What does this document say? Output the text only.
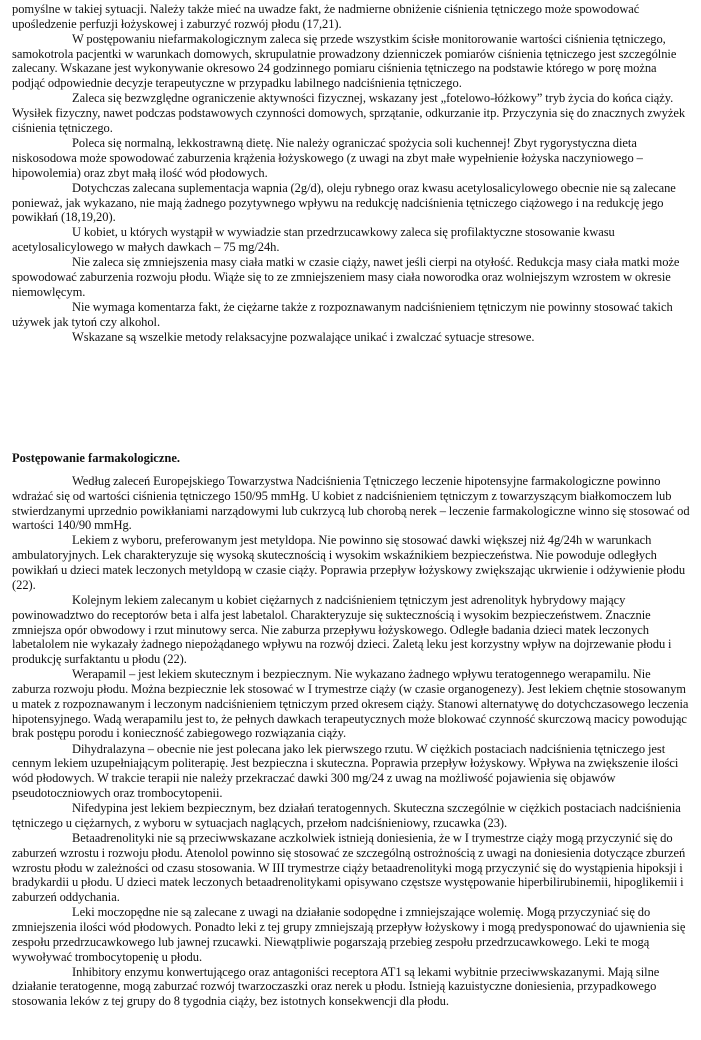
pomyślne w takiej sytuacji. Należy także mieć na uwadze fakt, że nadmierne obniżenie ciśnienia tętniczego może spowodować upośledzenie perfuzji łożyskowej i zaburzyć rozwój płodu (17,21).

W postępowaniu niefarmakologicznym zaleca się przede wszystkim ścisłe monitorowanie wartości ciśnienia tętniczego, samokotrola pacjentki w warunkach domowych, skrupulatnie prowadzony dzienniczek pomiarów ciśnienia tętniczego jest szczególnie zalecany. Wskazane jest wykonywanie okresowo 24 godzinnego pomiaru ciśnienia tętniczego na podstawie którego w porę można podjąć odpowiednie decyzje terapeutyczne w przypadku labilnego nadciśnienia tętniczego.

Zaleca się bezwzględne ograniczenie aktywności fizycznej, wskazany jest „fotelowo-łóżkowy” tryb życia do końca ciąży. Wysiłek fizyczny, nawet podczas podstawowych czynności domowych, sprzątanie, odkurzanie itp. Przyczynia się do znacznych zwyżek ciśnienia tętniczego.

Poleca się normalną, lekkostrawną dietę. Nie należy ograniczać spożycia soli kuchennej! Zbyt rygorystyczna dieta niskosodowa może spowodować zaburzenia krążenia łożyskowego (z uwagi na zbyt małe wypełnienie łożyska naczyniowego – hipowolemia) oraz zbyt małą ilość wód płodowych.

Dotychczas zalecana suplementacja wapnia (2g/d), oleju rybnego oraz kwasu acetylosalicylowego obecnie nie są zalecane ponieważ, jak wykazano, nie mają żadnego pozytywnego wpływu na redukcję nadciśnienia tętniczego ciążowego i na redukcję jego powikłań (18,19,20).

U kobiet, u których wystąpił w wywiadzie stan przedrzucawkowy zaleca się profilaktyczne stosowanie kwasu acetylosalicylowego w małych dawkach – 75 mg/24h.

Nie zaleca się zmniejszenia masy ciała matki w czasie ciąży, nawet jeśli cierpi na otyłość. Redukcja masy ciała matki może spowodować zaburzenia rozwoju płodu. Wiąże się to ze zmniejszeniem masy ciała noworodka oraz wolniejszym wzrostem w okresie niemowlęcym.

Nie wymaga komentarza fakt, że ciężarne także z rozpoznawanym nadciśnieniem tętniczym nie powinny stosować takich używek jak tytoń czy alkohol.

Wskazane są wszelkie metody relaksacyjne pozwalające unikać i zwalczać sytuacje stresowe.

Postępowanie farmakologiczne.

Według zaleceń Europejskiego Towarzystwa Nadciśnienia Tętniczego leczenie hipotensyjne farmakologiczne powinno wdrażać się od wartości ciśnienia tętniczego 150/95 mmHg. U kobiet z nadciśnieniem tętniczym z towarzyszącym białkomoczem lub stwierdzanymi uprzednio powikłaniami narządowymi lub cukrzycą lub chorobą nerek – leczenie farmakologiczne winno się stosować od wartości 140/90 mmHg.

Lekiem z wyboru, preferowanym jest metyldopa. Nie powinno się stosować dawki większej niż 4g/24h w warunkach ambulatoryjnych. Lek charakteryzuje się wysoką skutecznością i wysokim wskaźnikiem bezpieczeństwa. Nie powoduje odległych powikłań u dzieci matek leczonych metyldopą w czasie ciąży. Poprawia przepływ łożyskowy zwiększając ukrwienie i odżywienie płodu (22).

Kolejnym lekiem zalecanym u kobiet ciężarnych z nadciśnieniem tętniczym jest adrenolityk hybrydowy mający powinowadztwo do receptorów beta i alfa jest labetalol. Charakteryzuje się suktecznością i wysokim bezpieczeństwem. Znacznie zmniejsza opór obwodowy i rzut minutowy serca. Nie zaburza przepływu łożyskowego. Odległe badania dzieci matek leczonych labetalolem nie wykazały żadnego niepożądanego wpływu na rozwój dzieci. Zaletą leku jest korzystny wpływ na dojrzewanie płodu i produkcję surfaktantu u płodu (22).

Werapamil – jest lekiem skutecznym i bezpiecznym. Nie wykazano żadnego wpływu teratogennego werapamilu. Nie zaburza rozwoju płodu. Można bezpiecznie lek stosować w I trymestrze ciąży (w czasie organogenezy). Jest lekiem chętnie stosowanym u matek z rozpoznawanym i leczonym nadciśnieniem tętniczym przed okresem ciąży. Stanowi alternatywę do dotychczasowego leczenia hipotensyjnego. Wadą werapamilu jest to, że pełnych dawkach terapeutycznych może blokować czynność skurczową macicy powodując brak postępu porodu i konieczność zabiegowego rozwiązania ciąży.

Dihydralazyna – obecnie nie jest polecana jako lek pierwszego rzutu. W ciężkich postaciach nadciśnienia tętniczego jest cennym lekiem uzupełniającym politerapię. Jest bezpieczna i skuteczna. Poprawia przepływ łożyskowy. Wpływa na zwiększenie ilości wód płodowych. W trakcie terapii nie należy przekraczać dawki 300 mg/24 z uwag na możliwość pojawienia się objawów pseudotoczniowych oraz trombocytopenii.

Nifedypina jest lekiem bezpiecznym, bez działań teratogennych. Skuteczna szczególnie w ciężkich postaciach nadciśnienia tętniczego u ciężarnych, z wyboru w sytuacjach naglących, przełom nadciśnieniowy, rzucawka (23).

Betaadrenolityki nie są przeciwwskazane aczkolwiek istnieją doniesienia, że w I trymestrze ciąży mogą przyczynić się do zaburzeń wzrostu i rozwoju płodu. Atenolol powinno się stosować ze szczególną ostrożnością z uwagi na doniesienia dotyczące zburzeń wzrostu płodu w zależności od czasu stosowania. W III trymestrze ciąży betaadrenolityki mogą przyczynić się do wystąpienia hipoksji i bradykardii u płodu. U dzieci matek leczonych betaadrenolitykami opisywano częstsze występowanie hiperbilirubinemii, hipoglikemii i zaburzeń oddychania.

Leki moczopędne nie są zalecane z uwagi na działanie sodopędne i zmniejszające wolemię. Mogą przyczyniać się do zmniejszenia ilości wód płodowych. Ponadto leki z tej grupy zmniejszają przepływ łożyskowy i mogą predysponować do ujawnienia się zespołu przedrzucawkowego lub jawnej rzucawki. Niewątpliwie pogarszają przebieg zespołu przedrzucawkowego. Leki te mogą wywoływać trombocytopenię u płodu.

Inhibitory enzymu konwertującego oraz antagoniści receptora AT1 są lekami wybitnie przeciwwskazanymi. Mają silne działanie teratogenne, mogą zaburzać rozwój twarzoczaszki oraz nerek u płodu. Istnieją kazuistyczne doniesienia, przypadkowego stosowania leków z tej grupy do 8 tygodnia ciąży, bez istotnych konsekwencji dla płodu.
